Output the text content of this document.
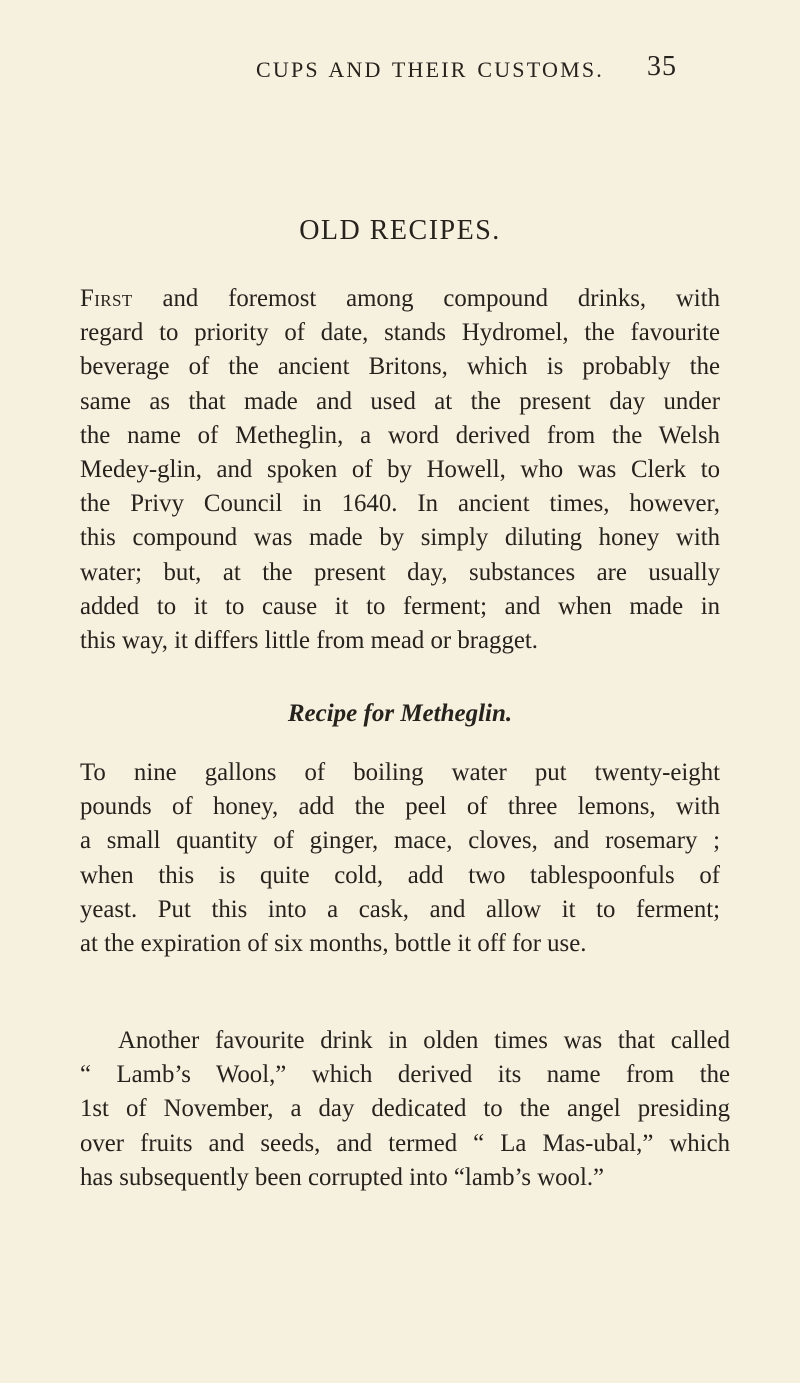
CUPS AND THEIR CUSTOMS. 35
OLD RECIPES.
First and foremost among compound drinks, with
regard to priority of date, stands Hydromel, the favourite
beverage of the ancient Britons, which is probably the
same as that made and used at the present day under
the name of Metheglin, a word derived from the Welsh
Medey-glin, and spoken of by Howell, who was Clerk to
the Privy Council in 1640. In ancient times, however,
this compound was made by simply diluting honey with
water; but, at the present day, substances are usually
added to it to cause it to ferment; and when made in
this way, it differs little from mead or bragget.
Recipe for Metheglin.
To nine gallons of boiling water put twenty-eight
pounds of honey, add the peel of three lemons, with
a small quantity of ginger, mace, cloves, and rosemary ;
when this is quite cold, add two tablespoonfuls of
yeast. Put this into a cask, and allow it to ferment;
at the expiration of six months, bottle it off for use.
Another favourite drink in olden times was that called
“ Lamb’s Wool,” which derived its name from the
1st of November, a day dedicated to the angel presiding
over fruits and seeds, and termed “ La Mas-ubal,” which
has subsequently been corrupted into “lamb’s wool.”
